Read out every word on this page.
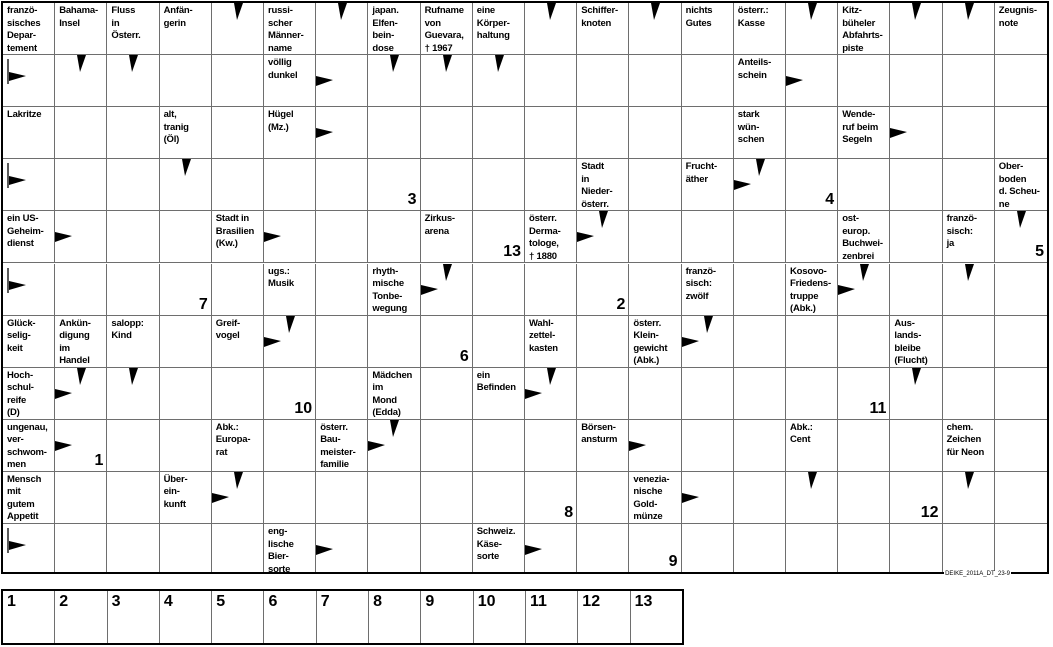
franzö-
sisches
Depar-
tement
Bahama-
Insel
Fluss
in
Österr.
Anfän-
gerin
russi-
scher
Männer-
name
japan.
Elfen-
bein-
dose
Rufname
von
Guevara,
† 1967
eine
Körper-
haltung
Schiffer-
knoten
nichts
Gutes
österr.:
Kasse
Kitz-
büheler
Abfahrts-
piste
Zeugnis-
note
völlig
dunkel
Anteils-
schein
Lakritze	alt,
tranig
(Öl)
Hügel
(Mz.)
stark
wün-
schen
Wende-
ruf beim
Segeln
3
Stadt
in
Nieder-
österr.
Frucht-
äther
4
Ober-
boden
d. Scheu-
ne
ein US-
Geheim-
dienst
Stadt in
Brasilien
(Kw.)
Zirkus-
arena
13
österr.
Derma-
tologe,
† 1880
ost-
europ.
Buchwei-
zenbrei
franzö-
sisch:
ja	5
7
ugs.:
Musik
rhyth-
mische
Tonbe-
wegung	2
franzö-
sisch:
zwölf
Kosovo-
Friedens-
truppe
(Abk.)
Glück-
selig-
keit
Ankün-
digung
im
Handel
salopp:
Kind
Greif-
vogel
6
Wahl-
zettel-
kasten
österr.
Klein-
gewicht
(Abk.)
Aus-
lands-
bleibe
(Flucht)
Hoch-
schul-
reife
(D)	10
Mädchen
im
Mond
(Edda)
ein
Befinden
11
ungenau,
ver-
schwom-
men	1
Abk.:
Europa-
rat
österr.
Bau-
meister-
familie
Börsen-
ansturm
Abk.:
Cent
chem.
Zeichen
für Neon
Mensch
mit
gutem
Appetit
Über-
ein-
kunft	8
venezia-
nische
Gold-
münze	12
eng-
lische
Bier-
sorte
Schweiz.
Käse-
sorte	9
DEIKE_2011A_DT_23-9
1	2	3	4	5	6	7	8	9	10	11	12	13
